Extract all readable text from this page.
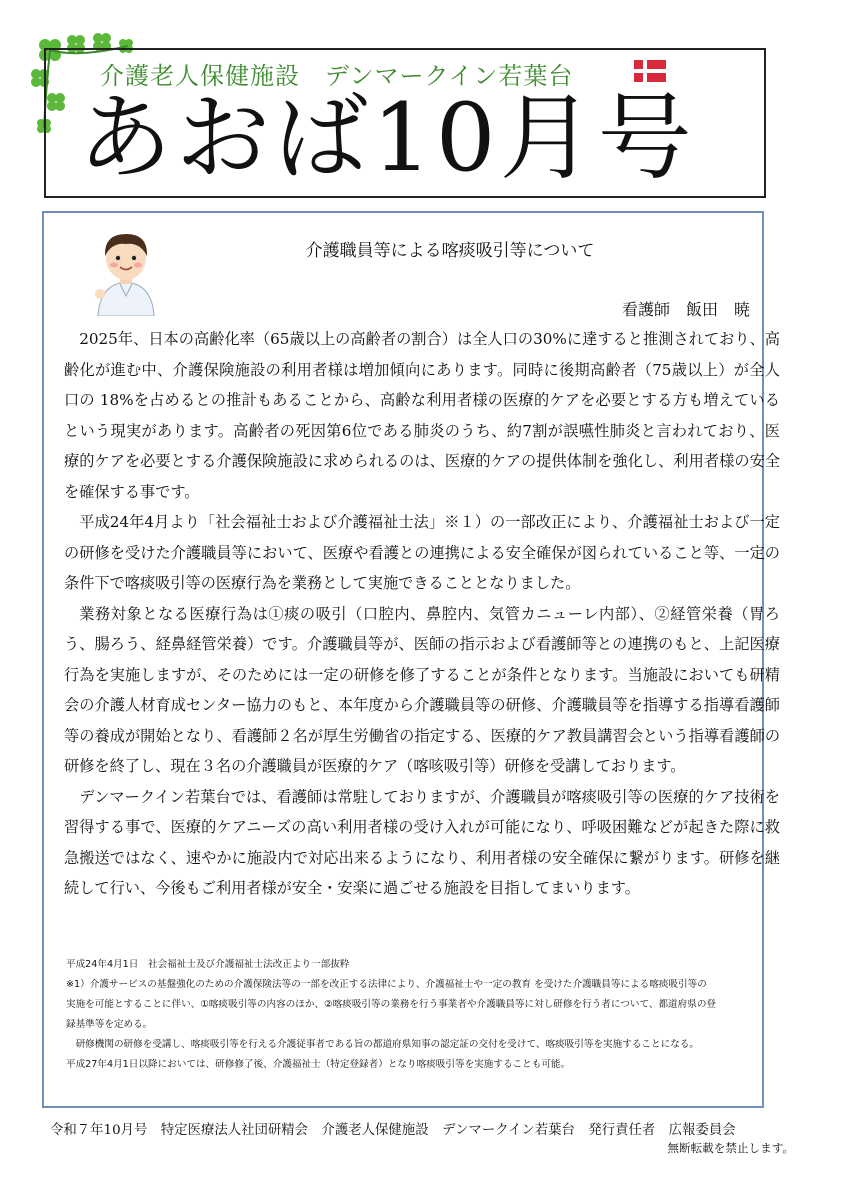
介護老人保健施設　デンマークイン若葉台
あおば10月号
介護職員等による喀痰吸引等について
看護師　飯田　暁

2025年、日本の高齢化率（65歳以上の高齢者の割合）は全人口の30%に達すると推測されており、高齢化が進む中、介護保険施設の利用者様は増加傾向にあります。同時に後期高齢者（75歳以上）が全人口の 18%を占めるとの推計もあることから、高齢な利用者様の医療的ケアを必要とする方も増えているという現実があります。高齢者の死因第6位である肺炎のうち、約7割が誤嚥性肺炎と言われており、医療的ケアを必要とする介護保険施設に求められるのは、医療的ケアの提供体制を強化し、利用者様の安全を確保する事です。

平成24年4月より「社会福祉士および介護福祉士法」※１）の一部改正により、介護福祉士および一定の研修を受けた介護職員等において、医療や看護との連携による安全確保が図られていること等、一定の条件下で喀痰吸引等の医療行為を業務として実施できることとなりました。

業務対象となる医療行為は①痰の吸引（口腔内、鼻腔内、気管カニューレ内部）、②経管栄養（胃ろう、腸ろう、経鼻経管栄養）です。介護職員等が、医師の指示および看護師等との連携のもと、上記医療行為を実施しますが、そのためには一定の研修を修了することが条件となります。当施設においても研精会の介護人材育成センター協力のもと、本年度から介護職員等の研修、介護職員等を指導する指導看護師等の養成が開始となり、看護師２名が厚生労働省の指定する、医療的ケア教員講習会という指導看護師の研修を終了し、現在３名の介護職員が医療的ケア（喀咳吸引等）研修を受講しております。

デンマークイン若葉台では、看護師は常駐しておりますが、介護職員が喀痰吸引等の医療的ケア技術を習得する事で、医療的ケアニーズの高い利用者様の受け入れが可能になり、呼吸困難などが起きた際に救急搬送ではなく、速やかに施設内で対応出来るようになり、利用者様の安全確保に繋がります。研修を継続して行い、今後もご利用者様が安全・安楽に過ごせる施設を目指してまいります。

平成24年4月1日　社会福祉士及び介護福祉士法改正より一部抜粋
※1）介護サービスの基盤強化のための介護保険法等の一部を改正する法律により、介護福祉士や一定の教育 を受けた介護職員等による喀痰吸引等の
実施を可能とすることに伴い、①喀痰吸引等の内容のほか、②喀痰吸引等の業務を行う事業者や介護職員等に対し研修を行う者について、都道府県の登
録基準等を定める。
　研修機関の研修を受講し、喀痰吸引等を行える介護従事者である旨の都道府県知事の認定証の交付を受けて、喀痰吸引等を実施することになる。
平成27年4月1日以降においては、研修修了後、介護福祉士（特定登録者）となり喀痰吸引等を実施することも可能。
令和７年10月号　特定医療法人社団研精会　介護老人保健施設　デンマークイン若葉台　発行責任者　広報委員会
無断転載を禁止します。
